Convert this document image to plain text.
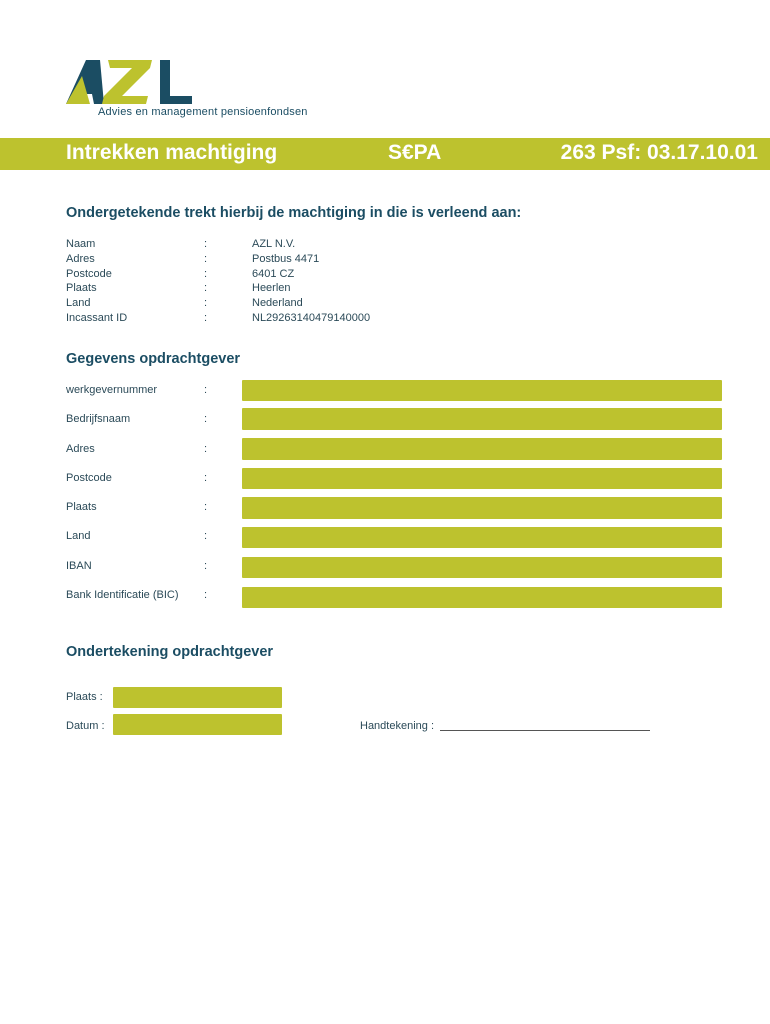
Advies en management pensioenfondsen
Intrekken machtiging	S€PA	263 Psf: 03.17.10.01
Ondergetekende trekt hierbij de machtiging in die is verleend aan:
Naam	:	AZL N.V.
Adres	:	Postbus 4471
Postcode	:	6401 CZ
Plaats	:	Heerlen
Land	:	Nederland
Incassant ID	:	NL29263140479140000
Gegevens opdrachtgever
werkgevernummer	:
Bedrijfsnaam	:
Adres	:
Postcode	:
Plaats	:
Land	:
IBAN	:
Bank Identificatie (BIC) :
Ondertekening opdrachtgever
Plaats :
Datum :	Handtekening :
